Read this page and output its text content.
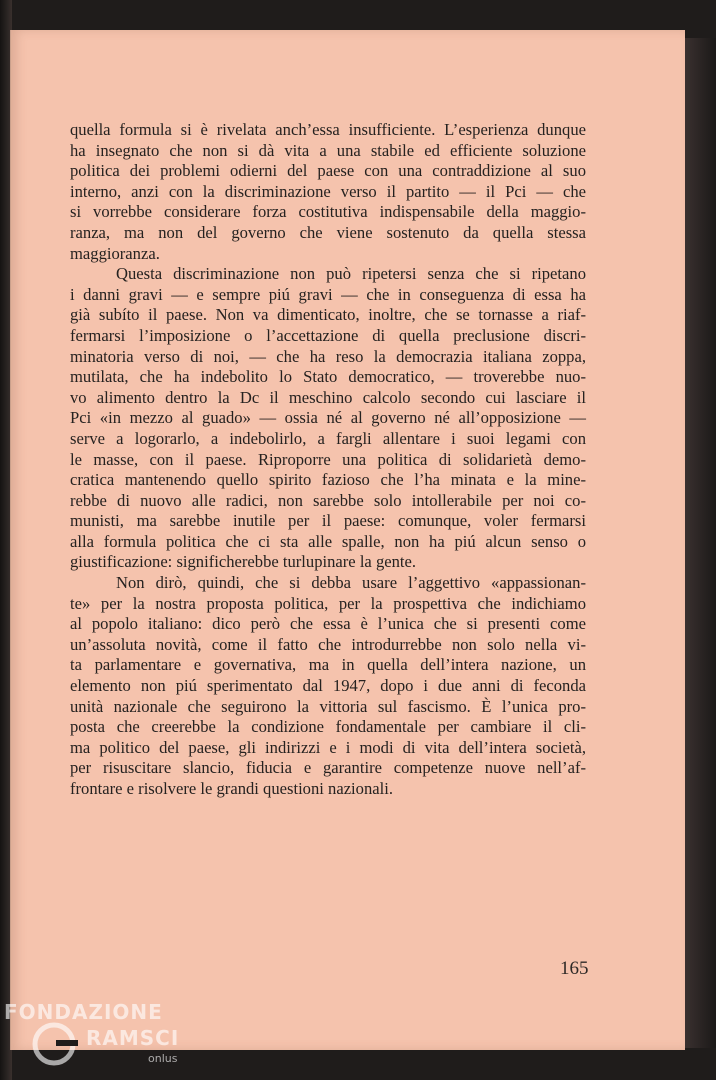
quella formula si è rivelata anch’essa insufficiente. L’esperienza dunque
ha insegnato che non si dà vita a una stabile ed efficiente soluzione
politica dei problemi odierni del paese con una contraddizione al suo
interno, anzi con la discriminazione verso il partito — il Pci — che
si vorrebbe considerare forza costitutiva indispensabile della maggio-
ranza, ma non del governo che viene sostenuto da quella stessa
maggioranza.
Questa discriminazione non può ripetersi senza che si ripetano
i danni gravi — e sempre piú gravi — che in conseguenza di essa ha
già subíto il paese. Non va dimenticato, inoltre, che se tornasse a riaf-
fermarsi l’imposizione o l’accettazione di quella preclusione discri-
minatoria verso di noi, — che ha reso la democrazia italiana zoppa,
mutilata, che ha indebolito lo Stato democratico, — troverebbe nuo-
vo alimento dentro la Dc il meschino calcolo secondo cui lasciare il
Pci «in mezzo al guado» — ossia né al governo né all’opposizione —
serve a logorarlo, a indebolirlo, a fargli allentare i suoi legami con
le masse, con il paese. Riproporre una politica di solidarietà demo-
cratica mantenendo quello spirito fazioso che l’ha minata e la mine-
rebbe di nuovo alle radici, non sarebbe solo intollerabile per noi co-
munisti, ma sarebbe inutile per il paese: comunque, voler fermarsi
alla formula politica che ci sta alle spalle, non ha piú alcun senso o
giustificazione: significherebbe turlupinare la gente.
Non dirò, quindi, che si debba usare l’aggettivo «appassionan-
te» per la nostra proposta politica, per la prospettiva che indichiamo
al popolo italiano: dico però che essa è l’unica che si presenti come
un’assoluta novità, come il fatto che introdurrebbe non solo nella vi-
ta parlamentare e governativa, ma in quella dell’intera nazione, un
elemento non piú sperimentato dal 1947, dopo i due anni di feconda
unità nazionale che seguirono la vittoria sul fascismo. È l’unica pro-
posta che creerebbe la condizione fondamentale per cambiare il cli-
ma politico del paese, gli indirizzi e i modi di vita dell’intera società,
per risuscitare slancio, fiducia e garantire competenze nuove nell’af-
frontare e risolvere le grandi questioni nazionali.
165
FONDAZIONE
RAMSCI
onlus
